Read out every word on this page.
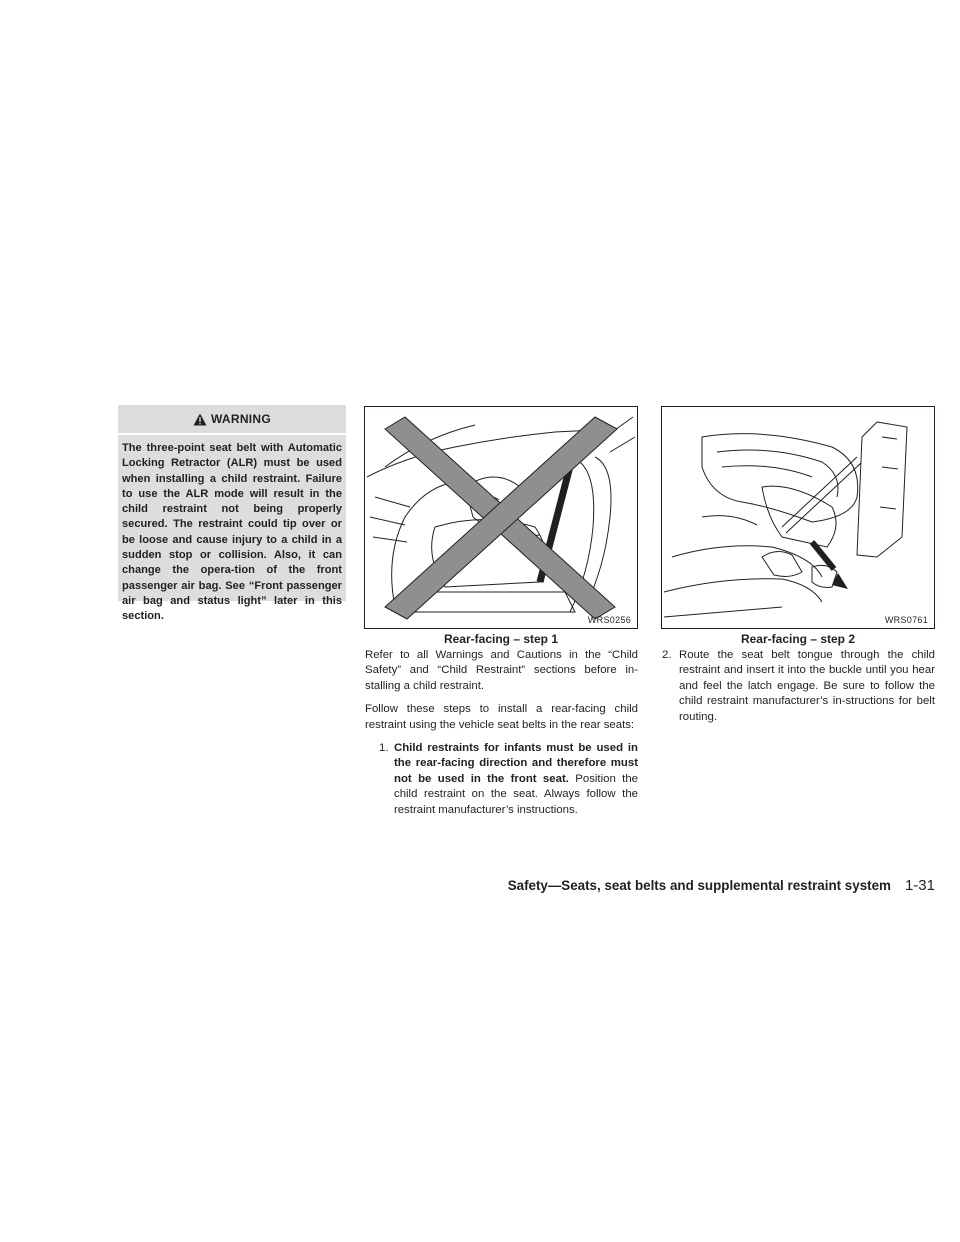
WARNING
The three-point seat belt with Automatic Locking Retractor (ALR) must be used when installing a child restraint. Failure to use the ALR mode will result in the child restraint not being properly secured. The restraint could tip over or be loose and cause injury to a child in a sudden stop or collision. Also, it can change the opera-tion of the front passenger air bag. See “Front passenger air bag and status light” later in this section.	WRS0256
Rear-facing – step 1
WRS0761
Rear-facing – step 2

Refer to all Warnings and Cautions in the “Child Safety” and “Child Restraint” sections before in-stalling a child restraint.

Follow these steps to install a rear-facing child restraint using the vehicle seat belts in the rear seats:

1. Child restraints for infants must be used in the rear-facing direction and therefore must not be used in the front seat. Position the child restraint on the seat. Always follow the restraint manufacturer’s instructions.
2. Route the seat belt tongue through the child restraint and insert it into the buckle until you hear and feel the latch engage. Be sure to follow the child restraint manufacturer’s in-structions for belt routing.
Safety—Seats, seat belts and supplemental restraint system 1-31
